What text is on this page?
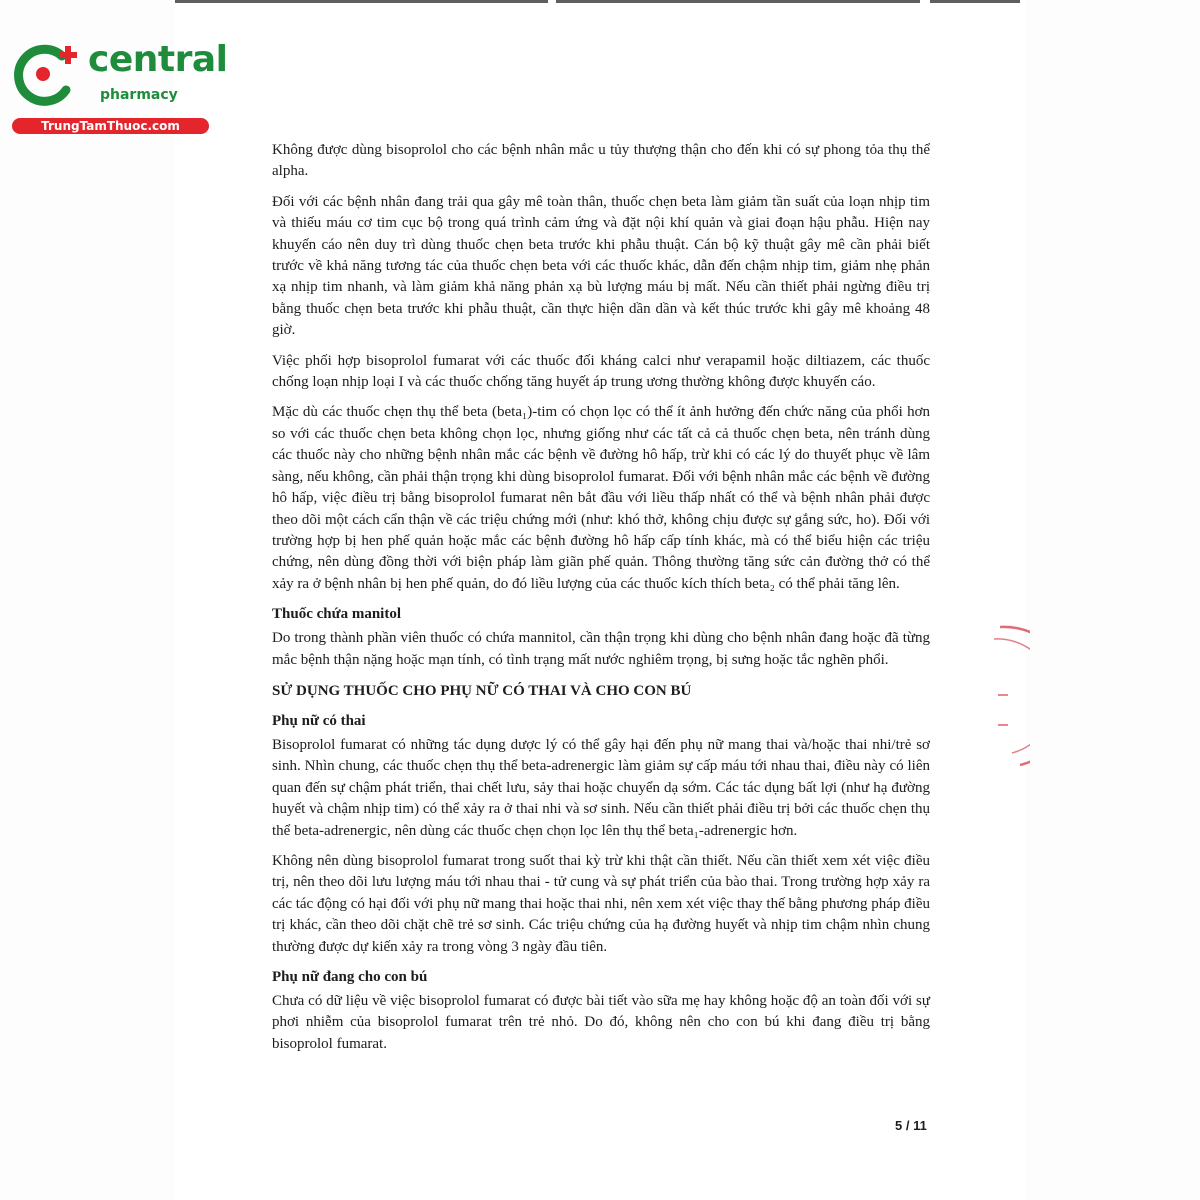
central
pharmacy
TrungTamThuoc.com

Không được dùng bisoprolol cho các bệnh nhân mắc u tủy thượng thận cho đến khi có sự phong tỏa thụ thể alpha.

Đối với các bệnh nhân đang trải qua gây mê toàn thân, thuốc chẹn beta làm giảm tần suất của loạn nhịp tim và thiếu máu cơ tim cục bộ trong quá trình cảm ứng và đặt nội khí quản và giai đoạn hậu phẫu. Hiện nay khuyến cáo nên duy trì dùng thuốc chẹn beta trước khi phẫu thuật. Cán bộ kỹ thuật gây mê cần phải biết trước về khả năng tương tác của thuốc chẹn beta với các thuốc khác, dẫn đến chậm nhịp tim, giảm nhẹ phản xạ nhịp tim nhanh, và làm giảm khả năng phản xạ bù lượng máu bị mất. Nếu cần thiết phải ngừng điều trị bằng thuốc chẹn beta trước khi phẫu thuật, cần thực hiện dần dần và kết thúc trước khi gây mê khoảng 48 giờ.

Việc phối hợp bisoprolol fumarat với các thuốc đối kháng calci như verapamil hoặc diltiazem, các thuốc chống loạn nhịp loại I và các thuốc chống tăng huyết áp trung ương thường không được khuyến cáo.

Mặc dù các thuốc chẹn thụ thể beta (beta₁)-tim có chọn lọc có thể ít ảnh hưởng đến chức năng của phổi hơn so với các thuốc chẹn beta không chọn lọc, nhưng giống như các tất cả cả thuốc chẹn beta, nên tránh dùng các thuốc này cho những bệnh nhân mắc các bệnh về đường hô hấp, trừ khi có các lý do thuyết phục về lâm sàng, nếu không, cần phải thận trọng khi dùng bisoprolol fumarat. Đối với bệnh nhân mắc các bệnh về đường hô hấp, việc điều trị bằng bisoprolol fumarat nên bắt đầu với liều thấp nhất có thể và bệnh nhân phải được theo dõi một cách cẩn thận về các triệu chứng mới (như: khó thở, không chịu được sự gắng sức, ho). Đối với trường hợp bị hen phế quản hoặc mắc các bệnh đường hô hấp cấp tính khác, mà có thể biểu hiện các triệu chứng, nên dùng đồng thời với biện pháp làm giãn phế quản. Thông thường tăng sức cản đường thở có thể xảy ra ở bệnh nhân bị hen phế quản, do đó liều lượng của các thuốc kích thích beta₂ có thể phải tăng lên.

Thuốc chứa manitol

Do trong thành phần viên thuốc có chứa mannitol, cần thận trọng khi dùng cho bệnh nhân đang hoặc đã từng mắc bệnh thận nặng hoặc mạn tính, có tình trạng mất nước nghiêm trọng, bị sưng hoặc tắc nghẽn phổi.

SỬ DỤNG THUỐC CHO PHỤ NỮ CÓ THAI VÀ CHO CON BÚ
Phụ nữ có thai

Bisoprolol fumarat có những tác dụng dược lý có thể gây hại đến phụ nữ mang thai và/hoặc thai nhi/trẻ sơ sinh. Nhìn chung, các thuốc chẹn thụ thể beta-adrenergic làm giảm sự cấp máu tới nhau thai, điều này có liên quan đến sự chậm phát triển, thai chết lưu, sảy thai hoặc chuyển dạ sớm. Các tác dụng bất lợi (như hạ đường huyết và chậm nhịp tim) có thể xảy ra ở thai nhi và sơ sinh. Nếu cần thiết phải điều trị bởi các thuốc chẹn thụ thể beta-adrenergic, nên dùng các thuốc chẹn chọn lọc lên thụ thể beta₁-adrenergic hơn.

Không nên dùng bisoprolol fumarat trong suốt thai kỳ trừ khi thật cần thiết. Nếu cần thiết xem xét việc điều trị, nên theo dõi lưu lượng máu tới nhau thai - tử cung và sự phát triển của bào thai. Trong trường hợp xảy ra các tác động có hại đối với phụ nữ mang thai hoặc thai nhi, nên xem xét việc thay thế bằng phương pháp điều trị khác, cần theo dõi chặt chẽ trẻ sơ sinh. Các triệu chứng của hạ đường huyết và nhịp tim chậm nhìn chung thường được dự kiến xảy ra trong vòng 3 ngày đầu tiên.

Phụ nữ đang cho con bú

Chưa có dữ liệu về việc bisoprolol fumarat có được bài tiết vào sữa mẹ hay không hoặc độ an toàn đối với sự phơi nhiễm của bisoprolol fumarat trên trẻ nhỏ. Do đó, không nên cho con bú khi đang điều trị bằng bisoprolol fumarat.

5 / 11
